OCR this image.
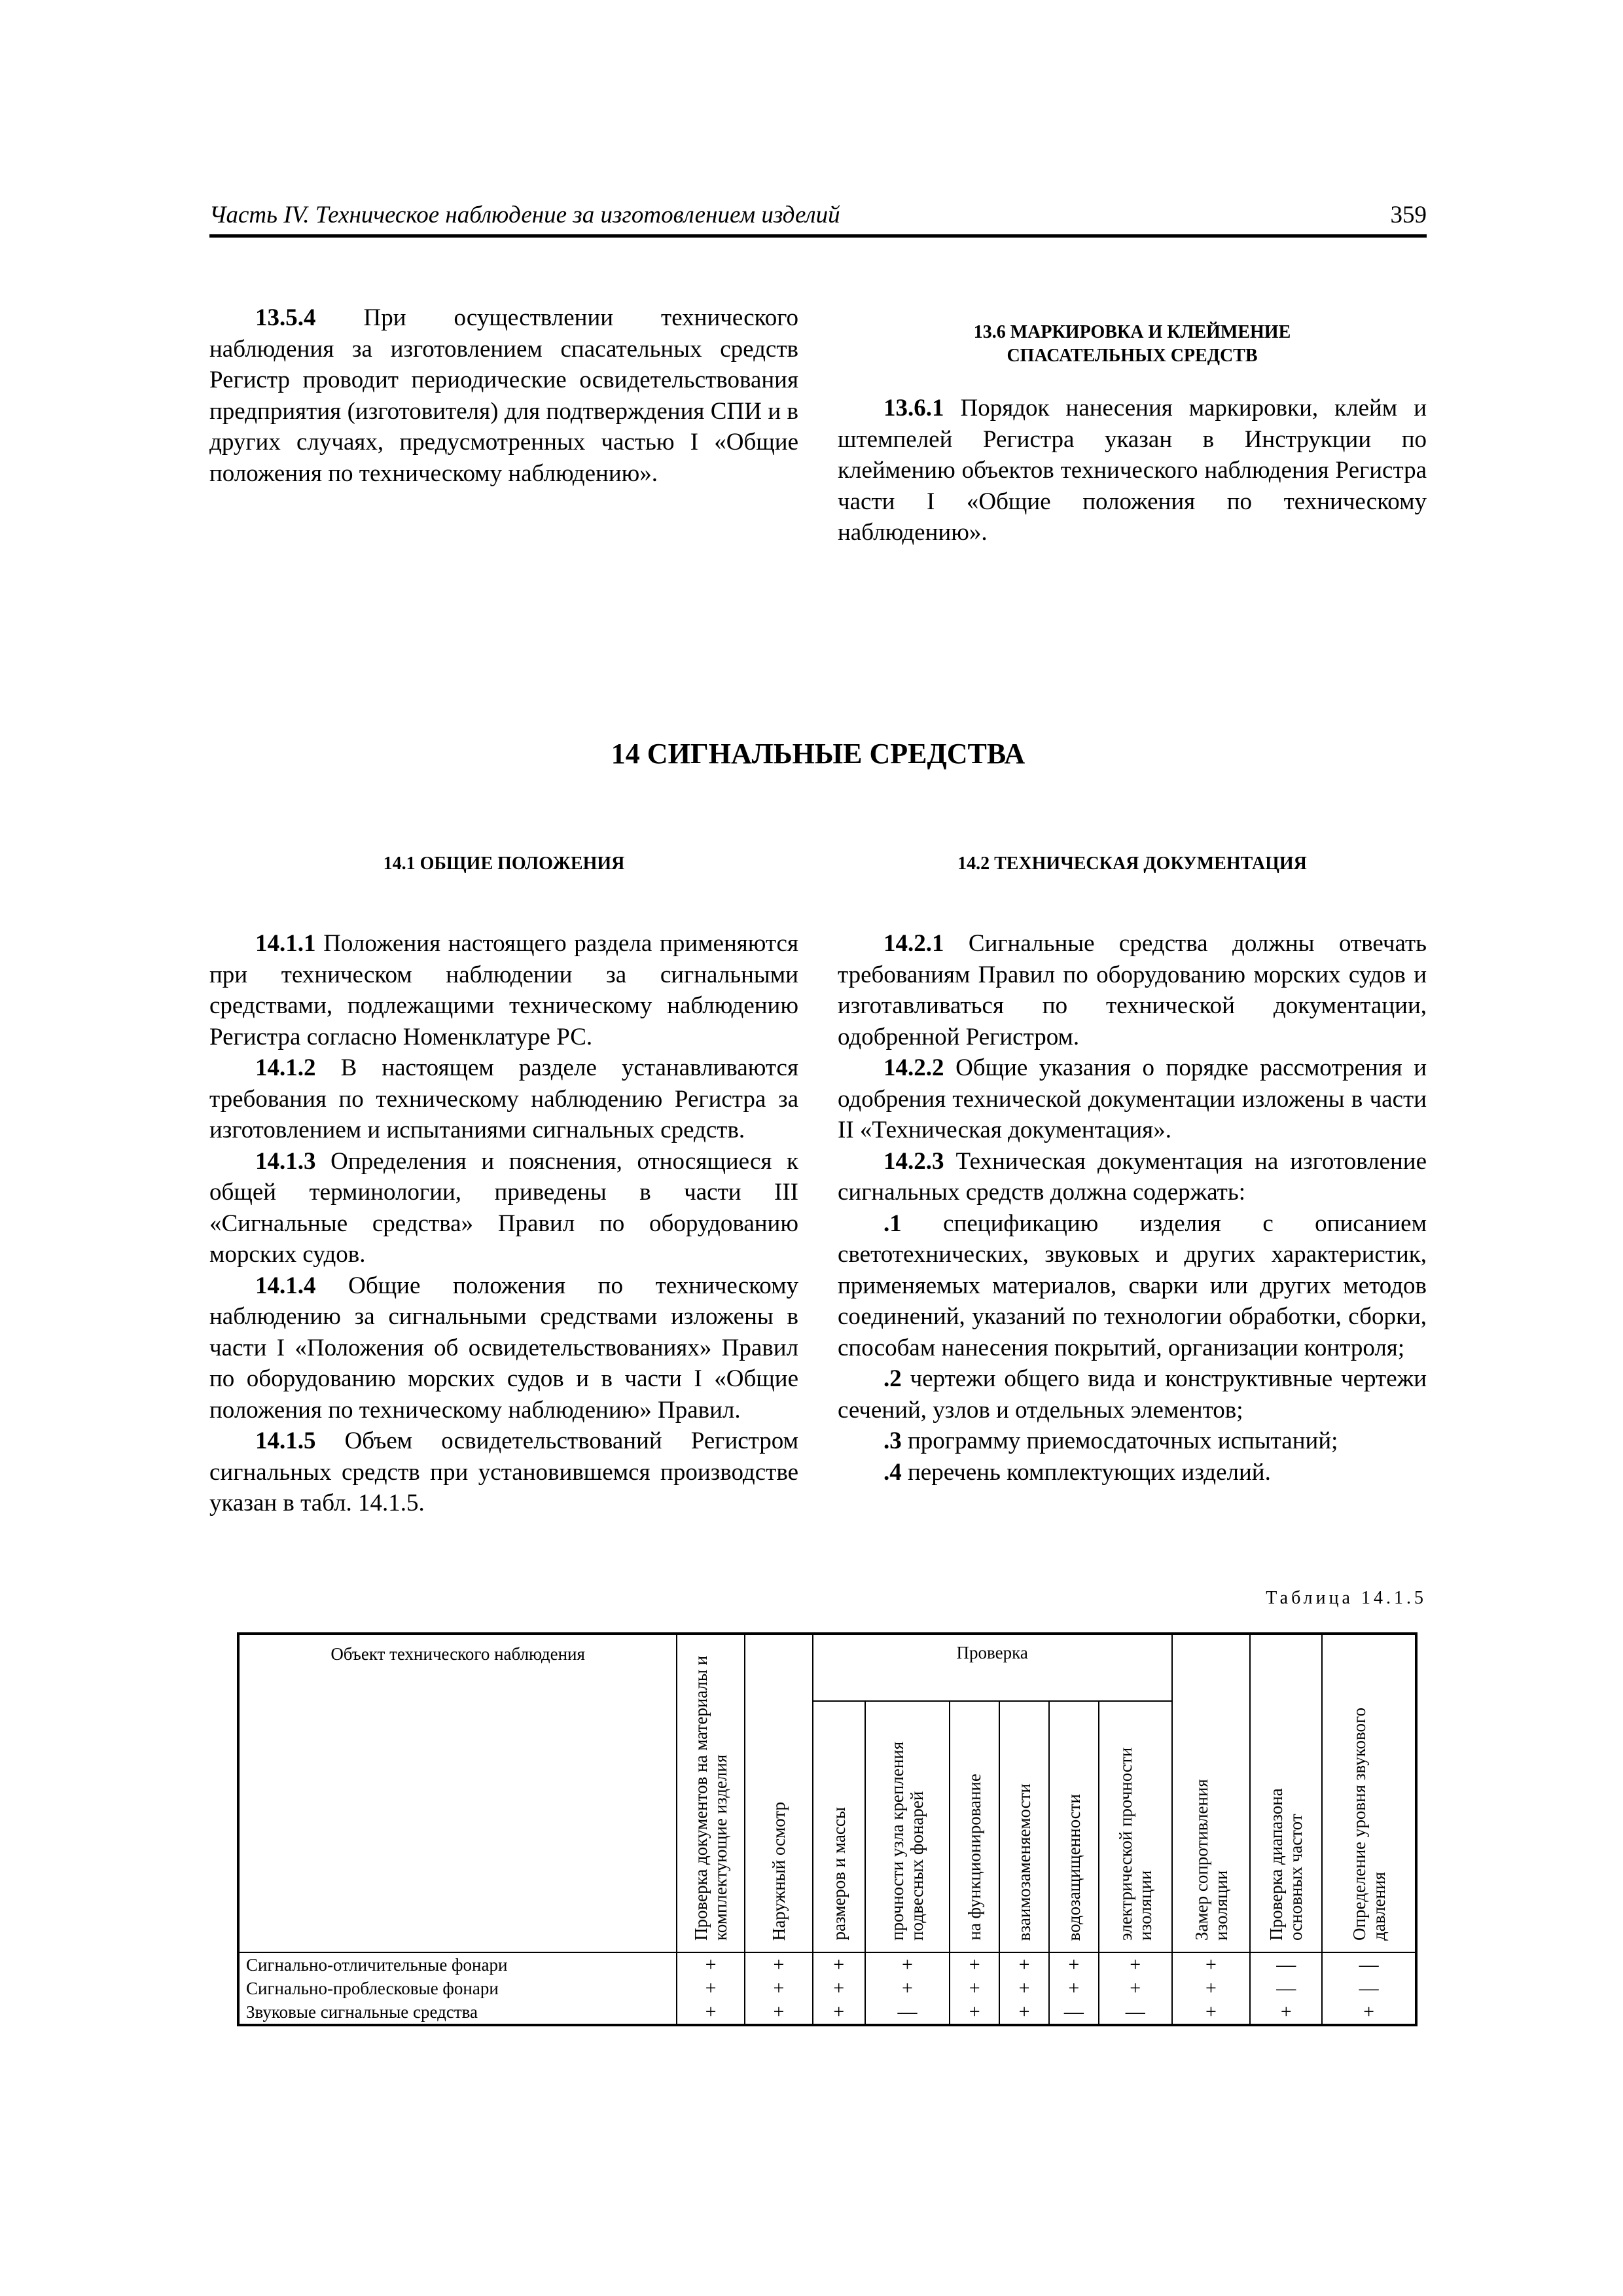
Часть IV. Техническое наблюдение за изготовлением изделий	359

13.5.4 При осуществлении технического наблюдения за изготовлением спасательных средств Регистр проводит периодические освидетельствования предприятия (изготовителя) для подтверждения СПИ и в других случаях, предусмотренных частью I «Общие положения по техническому наблюдению».

13.6 МАРКИРОВКА И КЛЕЙМЕНИЕ
СПАСАТЕЛЬНЫХ СРЕДСТВ

13.6.1 Порядок нанесения маркировки, клейм и штемпелей Регистра указан в Инструкции по клеймению объектов технического наблюдения Регистра части I «Общие положения по техническому наблюдению».

14 СИГНАЛЬНЫЕ СРЕДСТВА
14.1 ОБЩИЕ ПОЛОЖЕНИЯ

14.1.1 Положения настоящего раздела применяются при техническом наблюдении за сигнальными средствами, подлежащими техническому наблюдению Регистра согласно Номенклатуре РС.

14.1.2 В настоящем разделе устанавливаются требования по техническому наблюдению Регистра за изготовлением и испытаниями сигнальных средств.

14.1.3 Определения и пояснения, относящиеся к общей терминологии, приведены в части III «Сигнальные средства» Правил по оборудованию морских судов.

14.1.4 Общие положения по техническому наблюдению за сигнальными средствами изложены в части I «Положения об освидетельствованиях» Правил по оборудованию морских судов и в части I «Общие положения по техническому наблюдению» Правил.

14.1.5 Объем освидетельствований Регистром сигнальных средств при установившемся производстве указан в табл. 14.1.5.

14.2 ТЕХНИЧЕСКАЯ ДОКУМЕНТАЦИЯ

14.2.1 Сигнальные средства должны отвечать требованиям Правил по оборудованию морских судов и изготавливаться по технической документации, одобренной Регистром.

14.2.2 Общие указания о порядке рассмотрения и одобрения технической документации изложены в части II «Техническая документация».

14.2.3 Техническая документация на изготовление сигнальных средств должна содержать:

.1 спецификацию изделия с описанием светотехнических, звуковых и других характеристик, применяемых материалов, сварки или других методов соединений, указаний по технологии обработки, сборки, способам нанесения покрытий, организации контроля;

.2 чертежи общего вида и конструктивные чертежи сечений, узлов и отдельных элементов;

.3 программу приемосдаточных испытаний;

.4 перечень комплектующих изделий.

Таблица 14.1.5
Объект технического наблюдения	Проверка документов на материалы и комплектующие изделия	Наружный осмотр	Проверка						Замер сопротивления изоляции	Проверка диапазона основных частот	Определение уровня звукового давления
			размеров и массы	прочности узла крепления подвесных фонарей	на функционирование	взаимозаменяемости	водозащищенности	электрической прочности изоляции			
Сигнально-отличительные фонари	+	+	+	+	+	+	+	+	+	—	—
Сигнально-проблесковые фонари	+	+	+	+	+	+	+	+	+	—	—
Звуковые сигнальные средства	+	+	+	—	+	+	—	—	+	+	+
